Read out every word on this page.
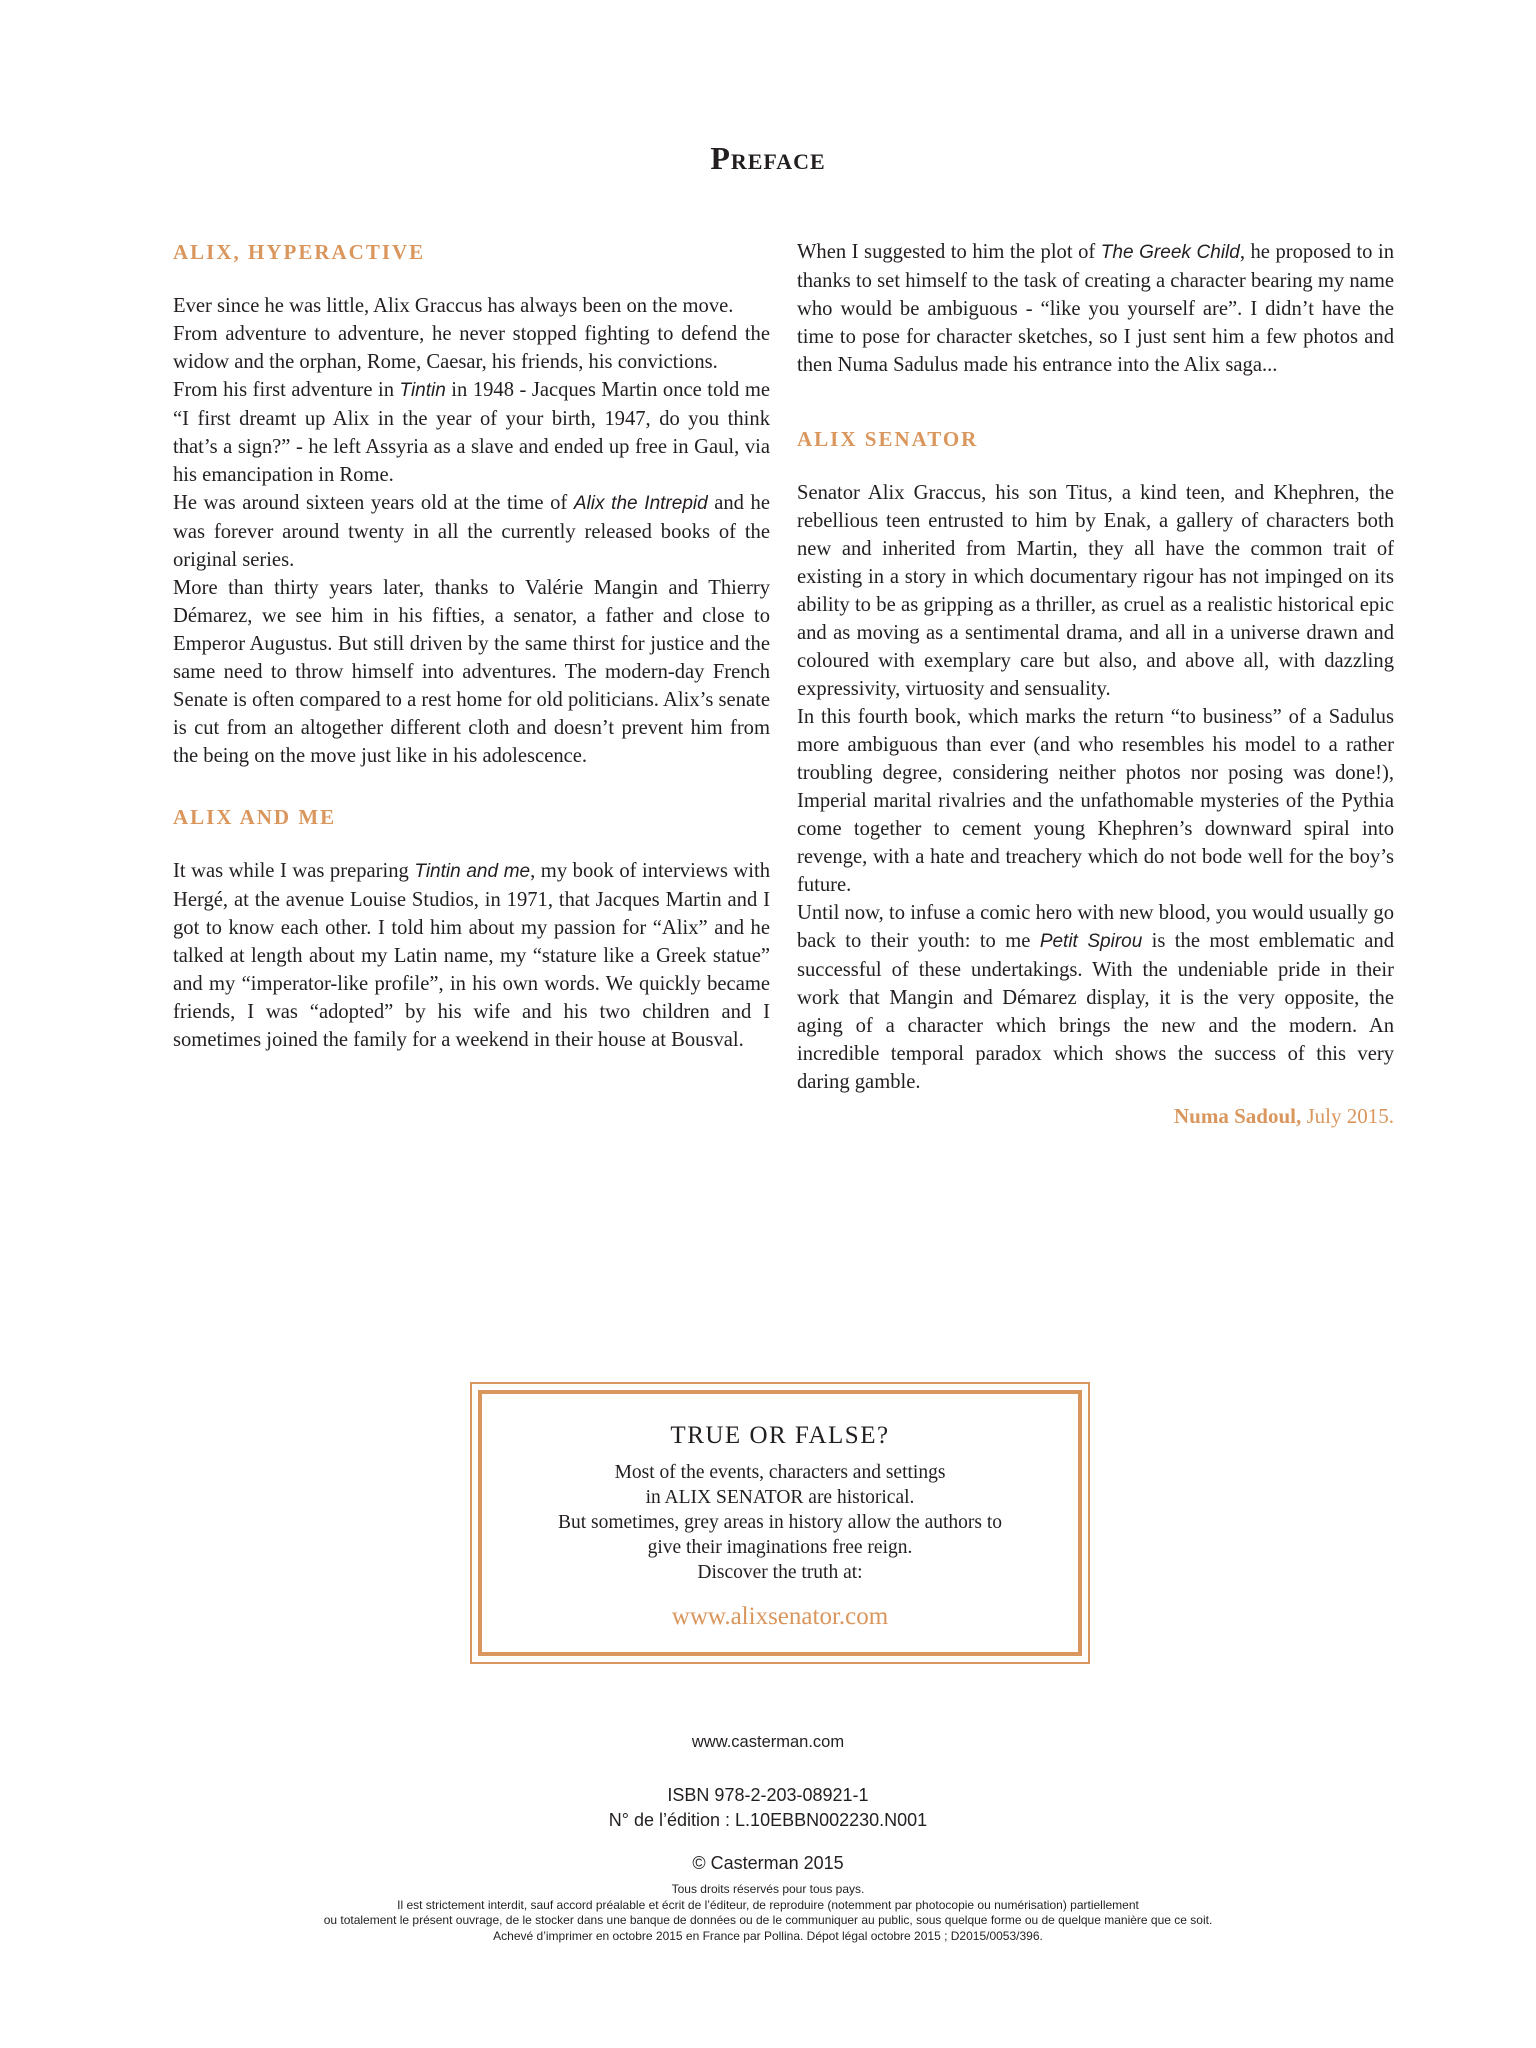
Preface
ALIX, HYPERACTIVE

Ever since he was little, Alix Graccus has always been on the move.

From adventure to adventure, he never stopped fighting to defend the widow and the orphan, Rome, Caesar, his friends, his convictions.

From his first adventure in Tintin in 1948 - Jacques Martin once told me “I first dreamt up Alix in the year of your birth, 1947, do you think that’s a sign?” - he left Assyria as a slave and ended up free in Gaul, via his emancipation in Rome.

He was around sixteen years old at the time of Alix the Intrepid and he was forever around twenty in all the currently released books of the original series.

More than thirty years later, thanks to Valérie Mangin and Thierry Démarez, we see him in his fifties, a senator, a father and close to Emperor Augustus. But still driven by the same thirst for justice and the same need to throw himself into adventures. The modern-day French Senate is often compared to a rest home for old politicians. Alix’s senate is cut from an altogether different cloth and doesn’t prevent him from the being on the move just like in his adolescence.

ALIX AND ME

It was while I was preparing Tintin and me, my book of interviews with Hergé, at the avenue Louise Studios, in 1971, that Jacques Martin and I got to know each other. I told him about my passion for “Alix” and he talked at length about my Latin name, my “stature like a Greek statue” and my “imperator-like profile”, in his own words. We quickly became friends, I was “adopted” by his wife and his two children and I sometimes joined the family for a weekend in their house at Bousval.

When I suggested to him the plot of The Greek Child, he proposed to in thanks to set himself to the task of creating a character bearing my name who would be ambiguous - “like you yourself are”. I didn’t have the time to pose for character sketches, so I just sent him a few photos and then Numa Sadulus made his entrance into the Alix saga...

ALIX SENATOR

Senator Alix Graccus, his son Titus, a kind teen, and Khephren, the rebellious teen entrusted to him by Enak, a gallery of characters both new and inherited from Martin, they all have the common trait of existing in a story in which documentary rigour has not impinged on its ability to be as gripping as a thriller, as cruel as a realistic historical epic and as moving as a sentimental drama, and all in a universe drawn and coloured with exemplary care but also, and above all, with dazzling expressivity, virtuosity and sensuality.

In this fourth book, which marks the return “to business” of a Sadulus more ambiguous than ever (and who resembles his model to a rather troubling degree, considering neither photos nor posing was done!), Imperial marital rivalries and the unfathomable mysteries of the Pythia come together to cement young Khephren’s downward spiral into revenge, with a hate and treachery which do not bode well for the boy’s future.

Until now, to infuse a comic hero with new blood, you would usually go back to their youth: to me Petit Spirou is the most emblematic and successful of these undertakings. With the undeniable pride in their work that Mangin and Démarez display, it is the very opposite, the aging of a character which brings the new and the modern. An incredible temporal paradox which shows the success of this very daring gamble.

Numa Sadoul, July 2015.
TRUE OR FALSE?
Most of the events, characters and settings
in ALIX SENATOR are historical.
But sometimes, grey areas in history allow the authors to
give their imaginations free reign.
Discover the truth at:
www.alixsenator.com
www.casterman.com
ISBN 978-2-203-08921-1
N° de l’édition : L.10EBBN002230.N001
© Casterman 2015
Tous droits réservés pour tous pays.
Il est strictement interdit, sauf accord préalable et écrit de l’éditeur, de reproduire (notemment par photocopie ou numérisation) partiellement
ou totalement le présent ouvrage, de le stocker dans une banque de données ou de le communiquer au public, sous quelque forme ou de quelque manière que ce soit.
Achevé d’imprimer en octobre 2015 en France par Pollina. Dépot légal octobre 2015 ; D2015/0053/396.
